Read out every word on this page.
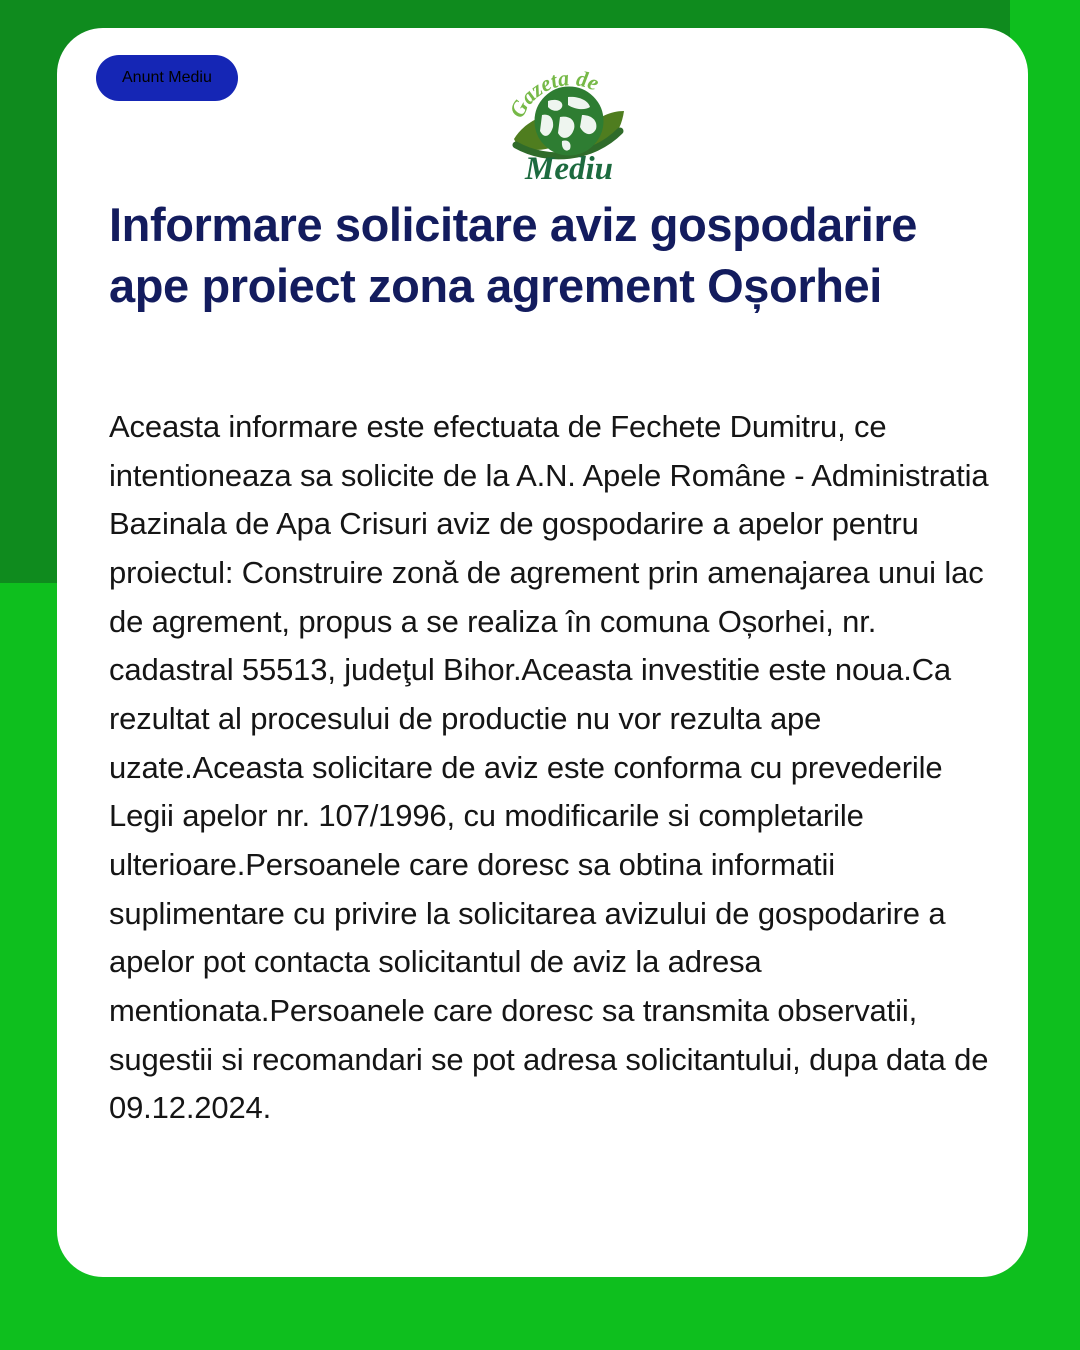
Anunt Mediu
Gazeta de
Mediu
Informare solicitare aviz gospodarire ape proiect zona agrement Oșorhei

Aceasta informare este efectuata de Fechete Dumitru, ce intentioneaza sa solicite de la A.N. Apele Române - Administratia Bazinala de Apa Crisuri aviz de gospodarire a apelor pentru proiectul: Construire zonă de agrement prin amenajarea unui lac de agrement, propus a se realiza în comuna Oșorhei, nr. cadastral 55513, judeţul Bihor.Aceasta investitie este noua.Ca rezultat al procesului de productie nu vor rezulta ape uzate.Aceasta solicitare de aviz este conforma cu prevederile Legii apelor nr. 107/1996, cu modificarile si completarile ulterioare.Persoanele care doresc sa obtina informatii suplimentare cu privire la solicitarea avizului de gospodarire a apelor pot contacta solicitantul de aviz la adresa mentionata.Persoanele care doresc sa transmita observatii, sugestii si recomandari se pot adresa solicitantului, dupa data de 09.12.2024.
